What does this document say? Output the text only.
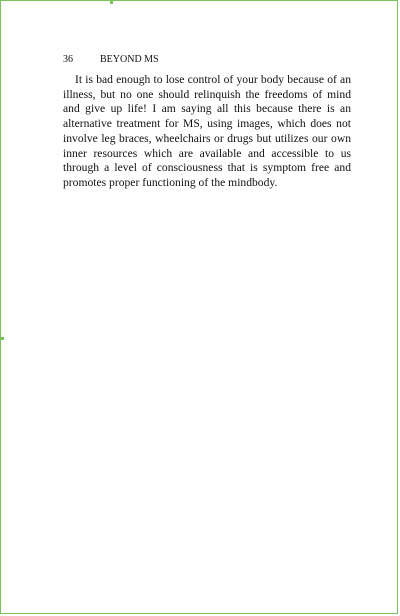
36	BEYOND MS

It is bad enough to lose control of your body because of an illness, but no one should relinquish the freedoms of mind and give up life! I am saying all this because there is an alternative treatment for MS, using images, which does not involve leg braces, wheelchairs or drugs but utilizes our own inner resources which are available and accessible to us through a level of consciousness that is symptom free and promotes proper functioning of the mindbody.
